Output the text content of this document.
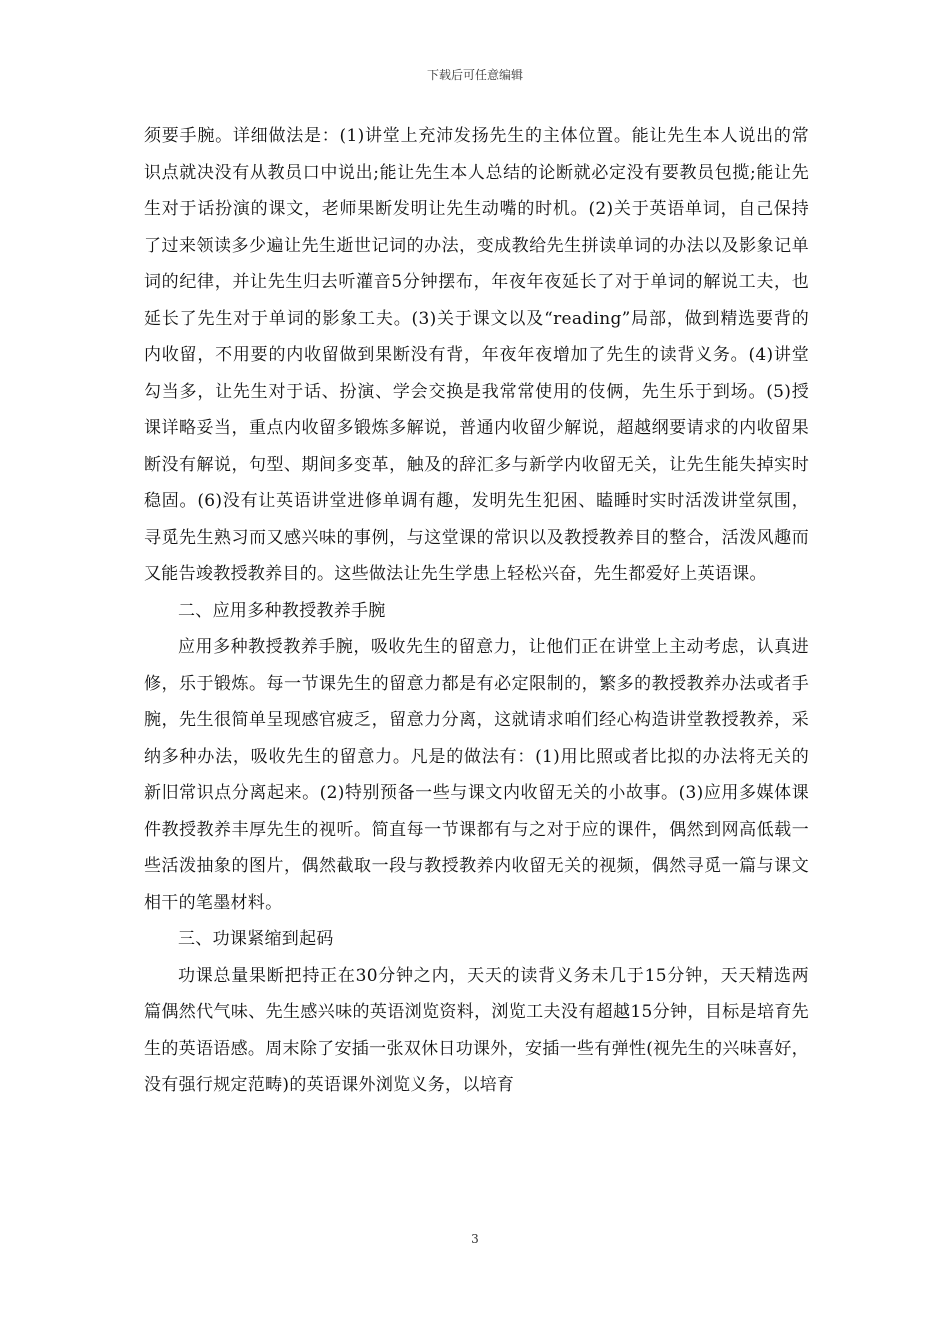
下载后可任意编辑

须要手腕。详细做法是：(1)讲堂上充沛发扬先生的主体位置。能让先生本人说出的常识点就决没有从教员口中说出;能让先生本人总结的论断就必定没有要教员包揽;能让先生对于话扮演的课文，老师果断发明让先生动嘴的时机。(2)关于英语单词，自己保持了过来领读多少遍让先生逝世记词的办法，变成教给先生拼读单词的办法以及影象记单词的纪律，并让先生归去听灌音5分钟摆布，年夜年夜延长了对于单词的解说工夫，也延长了先生对于单词的影象工夫。(3)关于课文以及“reading”局部，做到精选要背的内收留，不用要的内收留做到果断没有背，年夜年夜增加了先生的读背义务。(4)讲堂勾当多，让先生对于话、扮演、学会交换是我常常使用的伎俩，先生乐于到场。(5)授课详略妥当，重点内收留多锻炼多解说，普通内收留少解说，超越纲要请求的内收留果断没有解说，句型、期间多变革，触及的辞汇多与新学内收留无关，让先生能失掉实时稳固。(6)没有让英语讲堂进修单调有趣，发明先生犯困、瞌睡时实时活泼讲堂氛围，寻觅先生熟习而又感兴味的事例，与这堂课的常识以及教授教养目的整合，活泼风趣而又能告竣教授教养目的。这些做法让先生学患上轻松兴奋，先生都爱好上英语课。

二、应用多种教授教养手腕

应用多种教授教养手腕，吸收先生的留意力，让他们正在讲堂上主动考虑，认真进修，乐于锻炼。每一节课先生的留意力都是有必定限制的，繁多的教授教养办法或者手腕，先生很简单呈现感官疲乏，留意力分离，这就请求咱们经心构造讲堂教授教养，采纳多种办法，吸收先生的留意力。凡是的做法有：(1)用比照或者比拟的办法将无关的新旧常识点分离起来。(2)特别预备一些与课文内收留无关的小故事。(3)应用多媒体课件教授教养丰厚先生的视听。简直每一节课都有与之对于应的课件，偶然到网高低载一些活泼抽象的图片，偶然截取一段与教授教养内收留无关的视频，偶然寻觅一篇与课文相干的笔墨材料。

三、功课紧缩到起码

功课总量果断把持正在30分钟之内，天天的读背义务未几于15分钟，天天精选两篇偶然代气味、先生感兴味的英语浏览资料，浏览工夫没有超越15分钟，目标是培育先生的英语语感。周末除了安插一张双休日功课外，安插一些有弹性(视先生的兴味喜好，没有强行规定范畴)的英语课外浏览义务，以培育

3
